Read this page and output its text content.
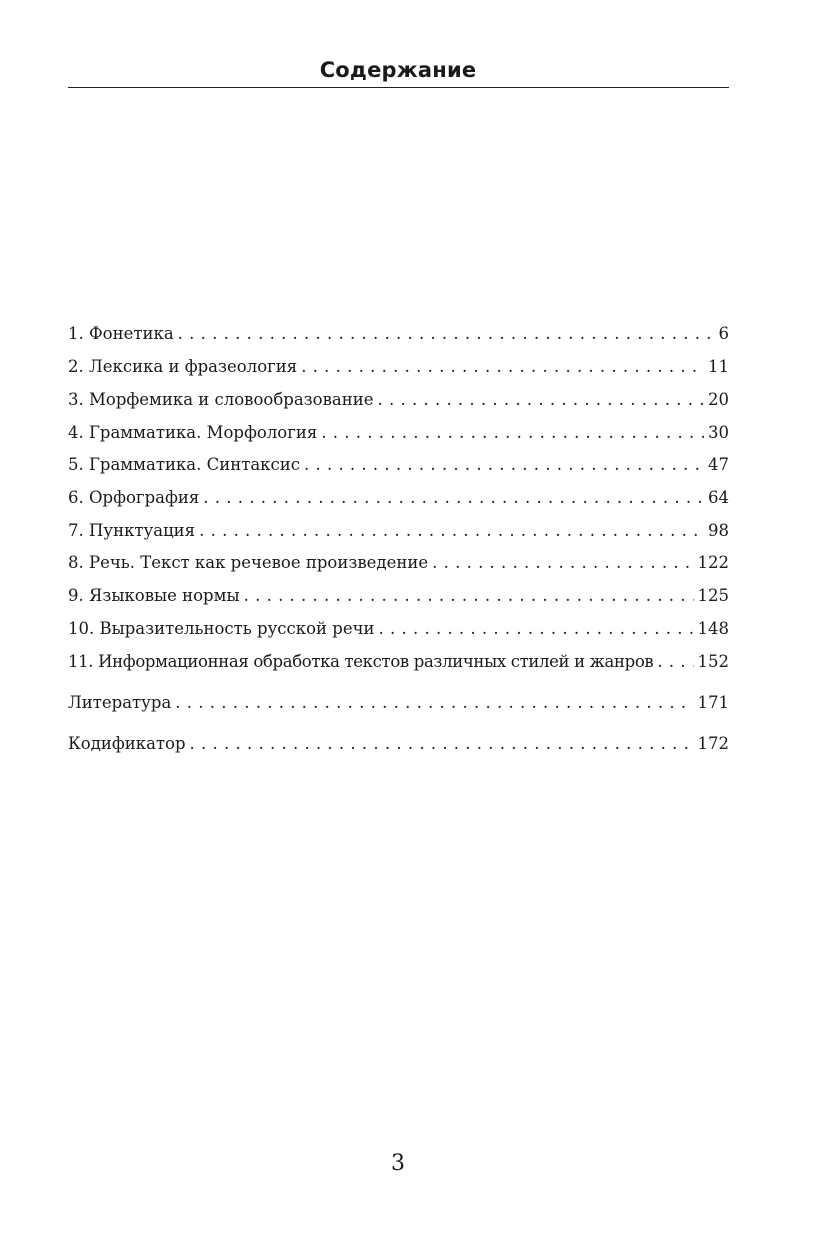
Содержание
1. Фонетика . . .	6
2. Лексика и фразеология . . .	11
3. Морфемика и словообразование . . .	20
4. Грамматика. Морфология . . .	30
5. Грамматика. Синтаксис . . .	47
6. Орфография . . .	64
7. Пунктуация . . .	98
8. Речь. Текст как речевое произведение . . .	122
9. Языковые нормы . . .	125
10. Выразительность русской речи . . .	148
11. Информационная обработка текстов различных стилей и жанров . . .	152
Литература . . .	171
Кодификатор . . .	172
3
